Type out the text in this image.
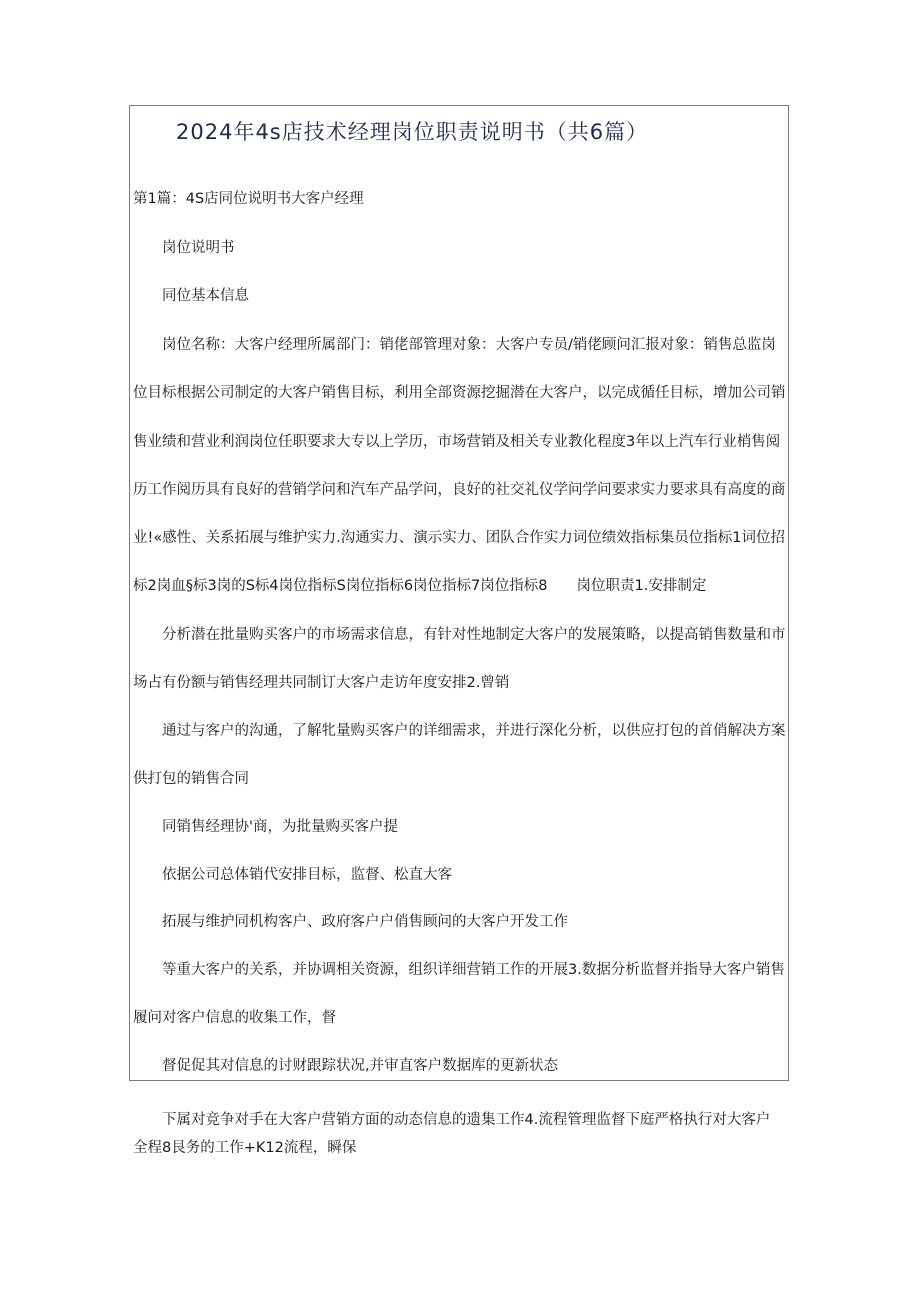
2024年4s店技术经理岗位职责说明书（共6篇）
第1篇：4S店同位说明书大客户经理
岗位说明书
同位基本信息
岗位名称：大客户经理所属部门：销佬部管理对象：大客户专员/销佬顾问汇报对象：销售总监岗
位目标根据公司制定的大客户销售目标，利用全部资源挖掘潜在大客户，以完成循任目标，增加公司销
售业绩和营业利润岗位任职要求大专以上学历，市场营销及相关专业教化程度3年以上汽车行业梢售阅
历工作阅历具有良好的营销学问和汽车产品学问，良好的社交礼仪学问学问要求实力要求具有高度的商
业!«感性、关系拓展与维护实力.沟通实力、演示实力、团队合作实力词位绩效指标集员位指标1词位招
标2岗血§标3岗的S标4岗位指标S岗位指标6岗位指标7岗位指标8　　岗位职责1.安排制定
分析潜在批量购买客户的市场需求信息，有针对性地制定大客户的发展策略，以提高销售数量和市
场占有份额与销售经理共同制订大客户走访年度安排2.曾销
通过与客户的沟通，了解牝量购买客户的详细需求，并进行深化分析，以供应打包的首俏解决方案
供打包的销售合同
同销售经理协'商，为批量购买客户提
依据公司总体销代安排目标，监督、松直大客
拓展与维护同机构客户、政府客户户俏售顾问的大客户开发工作
等重大客户的关系，并协调相关资源，组织详细营销工作的开展3.数据分析监督并指导大客户销售
履问对客户信息的收集工作，督
督促促其对信息的讨财跟踪状况,并审直客户数据库的更新状态
下属对竞争对手在大客户营销方面的动态信息的遗集工作4.流程管理监督下庭严格执行对大客户
全程8艮务的工作+K12流程，瞬保
